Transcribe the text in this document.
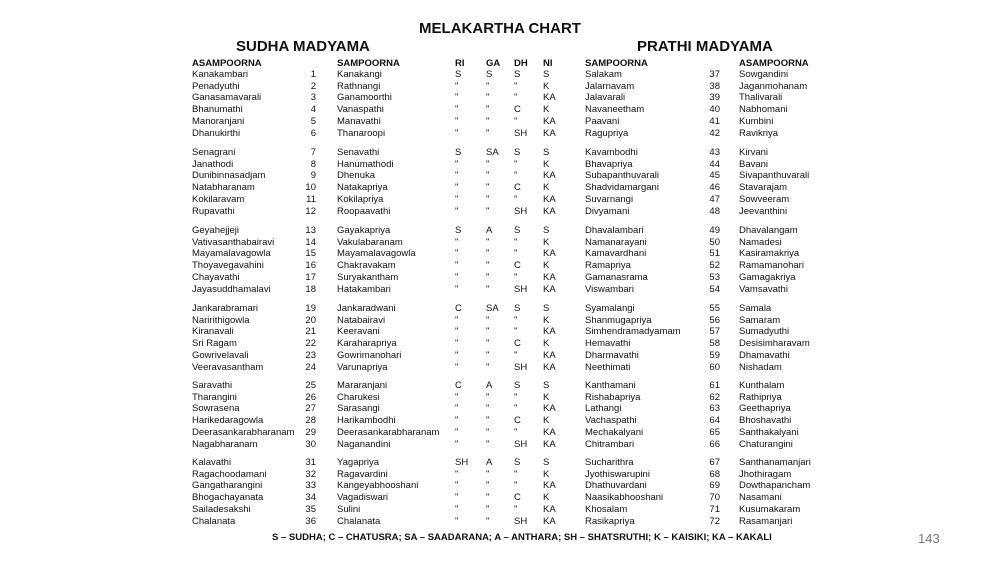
MELAKARTHA CHART
SUDHA MADYAMA	PRATHI MADYAMA
ASAMPOORNA	SAMPOORNA	RI GA DH NI	SAMPOORNA	ASAMPOORNA
Kanakambari	1 Kanakangi	S	S S S	Salakam	37 Sowgandini
Penadyuthi	2 Rathnangi	"	"	"	K	Jalarnavam	38 Jaganmohanam
Ganasamavarali	3 Ganamoorthi	"	"	"	KA	Jalavarali	39 Thalivarali
Bhanumathi	4 Vanaspathi	"	"	C K	Navaneetham	40 Nabhomani
Manoranjani	5 Manavathi	"	"	"	KA	Paavani	41 Kumbini
Dhanukirthi	6 Thanaroopi	"	"	SH KA	Ragupriya	42 Ravikriya
Senagrani	7 Senavathi	S	SA S S	Kavambodhi	43 Kirvani
Janathodi	8 Hanumathodi	"	"	"	K	Bhavapriya	44 Bavani
Dunibinnasadjam	9 Dhenuka	"	"	"	KA	Subapanthuvarali	45 Sivapanthuvarali
Natabharanam	10 Natakapriya	"	"	C K	Shadvidamargani	46 Stavarajam
Kokilaravam	11 Kokilapriya	"	"	"	KA	Suvarnangi	47 Sowveeram
Rupavathi	12 Roopaavathi	"	"	SH KA	Divyamani	48 Jeevanthini
Geyahejjeji	13 Gayakapriya	S	A S S	Dhavalambari	49 Dhavalangam
Vativasanthabairavi	14 Vakulabaranam	"	"	"	K	Namanarayani	50 Namadesi
Mayamalavagowla	15 Mayamalavagowla	"	"	"	KA	Kamavardhani	51 Kasiramakriya
Thoyavegavahini	16 Chakravakam	"	"	C K	Ramapriya	52 Ramamanohari
Chayavathi	17 Suryakantham	"	"	"	KA	Gamanasrama	53 Gamagakriya
Jayasuddhamalavi	18 Hatakambari	"	"	SH KA	Viswambari	54 Vamsavathi
Jankarabramari	19 Jankaradwani	C	SA S S	Syamalangi	55 Samala
Naririthigowla	20 Natabairavi	"	"	"	K	Shanmugapriya	56 Samaram
Kiranavali	21 Keeravani	"	"	"	KA	Simhendramadyamam	57 Sumadyuthi
Sri Ragam	22 Karaharapriya	"	"	C K	Hemavathi	58 Desisimharavam
Gowrivelavali	23 Gowrimanohari	"	"	"	KA	Dharmavathi	59 Dhamavathi
Veeravasantham	24 Varunapriya	"	"	SH KA	Neethimati	60 Nishadam
Saravathi	25 Mararanjani	C	A S S	Kanthamani	61 Kunthalam
Tharangini	26 Charukesi	"	"	"	K	Rishabapriya	62 Rathipriya
Sowrasena	27 Sarasangi	"	"	"	KA	Lathangi	63 Geethapriya
Harikedaragowla	28 Harikambodhi	"	"	C K	Vachaspathi	64 Bhoshavathi
Deerasankarabharanam	29 Deerasankarabharanam "	"	"	KA	Mechakalyani	65 Santhakalyani
Nagabharanam	30 Naganandini	"	"	SH KA	Chitrambari	66 Chaturangini
Kalavathi	31 Yagapriya	SH A S S	Sucharithra	67 Santhanamanjari
Ragachoodamani	32 Ragavardini	"	"	"	K	Jyothiswarupini	68 Jhothiragam
Gangatharangini	33 Kangeyabhooshani	"	"	"	KA	Dhathuvardani	69 Dowthapancham
Bhogachayanata	34 Vagadiswari	"	"	C K	Naasikabhooshani	70 Nasamani
Sailadesakshi	35 Sulini	"	"	"	KA	Khosalam	71 Kusumakaram
Chalanata	36 Chalanata	"	"	SH KA	Rasikapriya	72 Rasamanjari
S – SUDHA; C – CHATUSRA; SA – SAADARANA; A – ANTHARA; SH – SHATSRUTHI; K – KAISIKI; KA – KAKALI	143
